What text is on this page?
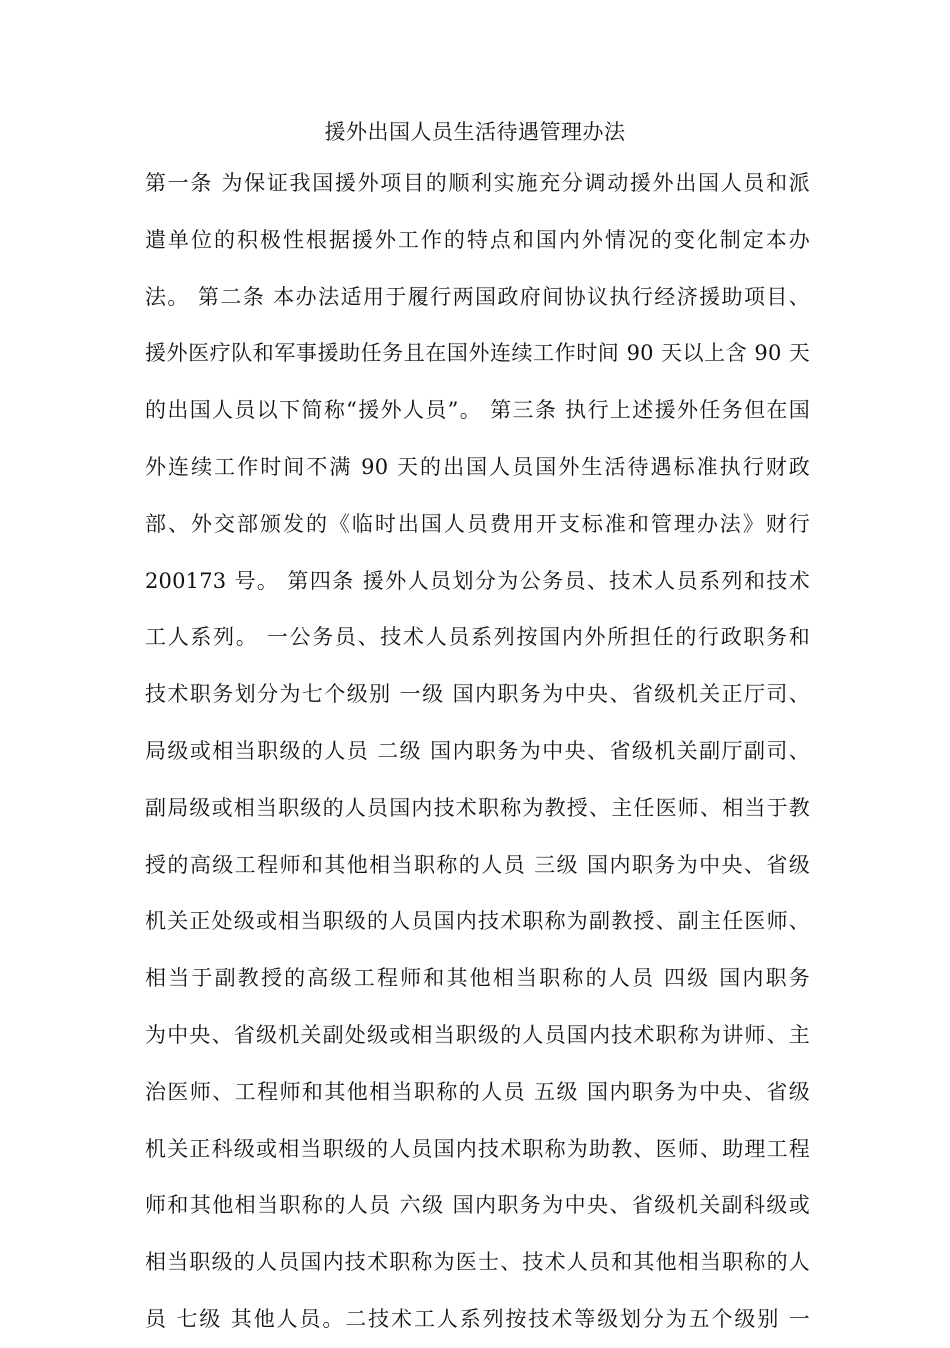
援外出国人员生活待遇管理办法
第一条 为保证我国援外项目的顺利实施充分调动援外出国人员和派
遣单位的积极性根据援外工作的特点和国内外情况的变化制定本办
法。 第二条 本办法适用于履行两国政府间协议执行经济援助项目、
援外医疗队和军事援助任务且在国外连续工作时间 90 天以上含 90 天
的出国人员以下简称“援外人员”。 第三条 执行上述援外任务但在国
外连续工作时间不满 90 天的出国人员国外生活待遇标准执行财政
部、外交部颁发的《临时出国人员费用开支标准和管理办法》财行
200173 号。 第四条 援外人员划分为公务员、技术人员系列和技术
工人系列。 一公务员、技术人员系列按国内外所担任的行政职务和
技术职务划分为七个级别 一级 国内职务为中央、省级机关正厅司、
局级或相当职级的人员 二级 国内职务为中央、省级机关副厅副司、
副局级或相当职级的人员国内技术职称为教授、主任医师、相当于教
授的高级工程师和其他相当职称的人员 三级 国内职务为中央、省级
机关正处级或相当职级的人员国内技术职称为副教授、副主任医师、
相当于副教授的高级工程师和其他相当职称的人员 四级 国内职务
为中央、省级机关副处级或相当职级的人员国内技术职称为讲师、主
治医师、工程师和其他相当职称的人员 五级 国内职务为中央、省级
机关正科级或相当职级的人员国内技术职称为助教、医师、助理工程
师和其他相当职称的人员 六级 国内职务为中央、省级机关副科级或
相当职级的人员国内技术职称为医士、技术人员和其他相当职称的人
员 七级 其他人员。二技术工人系列按技术等级划分为五个级别 一
